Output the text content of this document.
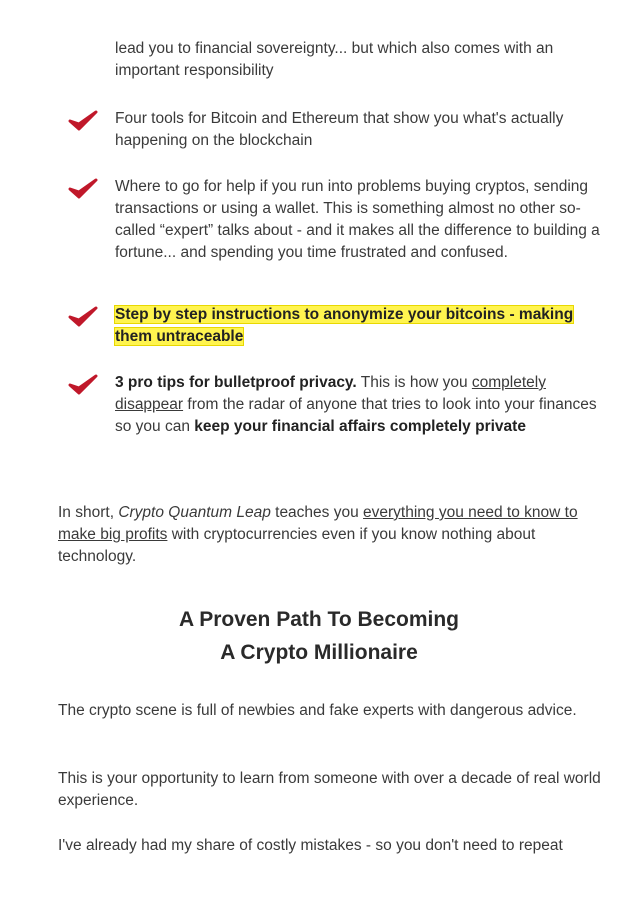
lead you to financial sovereignty... but which also comes with an
important responsibility
Four tools for Bitcoin and Ethereum that show you what's actually happening on the blockchain
Where to go for help if you run into problems buying cryptos, sending transactions or using a wallet. This is something almost no other so-called “expert” talks about - and it makes all the difference to building a fortune... and spending you time frustrated and confused.
Step by step instructions to anonymize your bitcoins - making them untraceable
3 pro tips for bulletproof privacy. This is how you completely disappear from the radar of anyone that tries to look into your finances so you can keep your financial affairs completely private
In short, Crypto Quantum Leap teaches you everything you need to know to make big profits with cryptocurrencies even if you know nothing about technology.
A Proven Path To Becoming
A Crypto Millionaire
The crypto scene is full of newbies and fake experts with dangerous advice.
This is your opportunity to learn from someone with over a decade of real world experience.
I've already had my share of costly mistakes - so you don't need to repeat
